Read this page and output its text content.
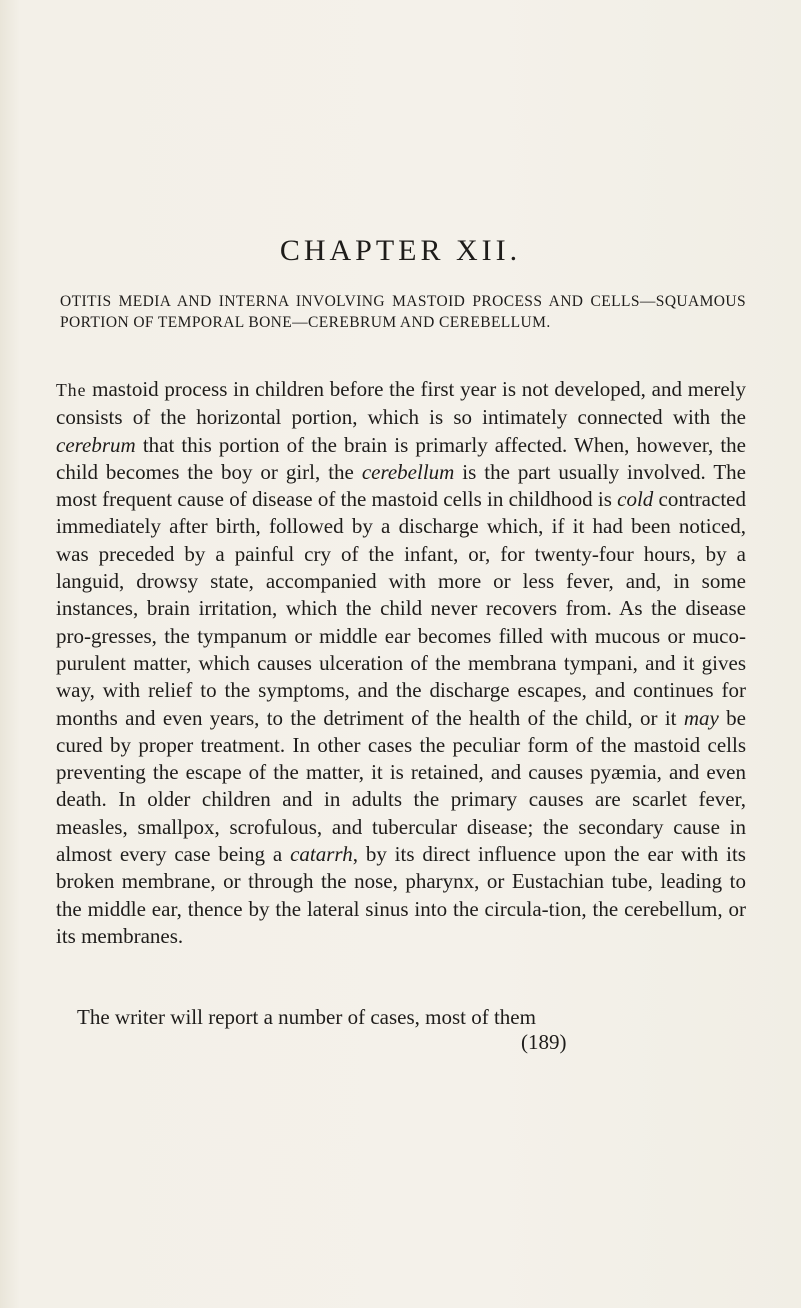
CHAPTER XII.

OTITIS MEDIA AND INTERNA INVOLVING MASTOID PROCESS AND CELLS—SQUAMOUS PORTION OF TEMPORAL BONE—CEREBRUM AND CEREBELLUM.

The mastoid process in children before the first year is not developed, and merely consists of the horizontal portion, which is so intimately connected with the cerebrum that this portion of the brain is primarly affected. When, however, the child becomes the boy or girl, the cerebellum is the part usually involved. The most frequent cause of disease of the mastoid cells in childhood is cold contracted immediately after birth, followed by a discharge which, if it had been noticed, was preceded by a painful cry of the infant, or, for twenty-four hours, by a languid, drowsy state, accompanied with more or less fever, and, in some instances, brain irritation, which the child never recovers from. As the disease pro-gresses, the tympanum or middle ear becomes filled with mucous or muco-purulent matter, which causes ulceration of the membrana tympani, and it gives way, with relief to the symptoms, and the discharge escapes, and continues for months and even years, to the detriment of the health of the child, or it may be cured by proper treatment. In other cases the peculiar form of the mastoid cells preventing the escape of the matter, it is retained, and causes pyæmia, and even death. In older children and in adults the primary causes are scarlet fever, measles, smallpox, scrofulous, and tubercular disease; the secondary cause in almost every case being a catarrh, by its direct influence upon the ear with its broken membrane, or through the nose, pharynx, or Eustachian tube, leading to the middle ear, thence by the lateral sinus into the circula-tion, the cerebellum, or its membranes.

The writer will report a number of cases, most of them

(189)
